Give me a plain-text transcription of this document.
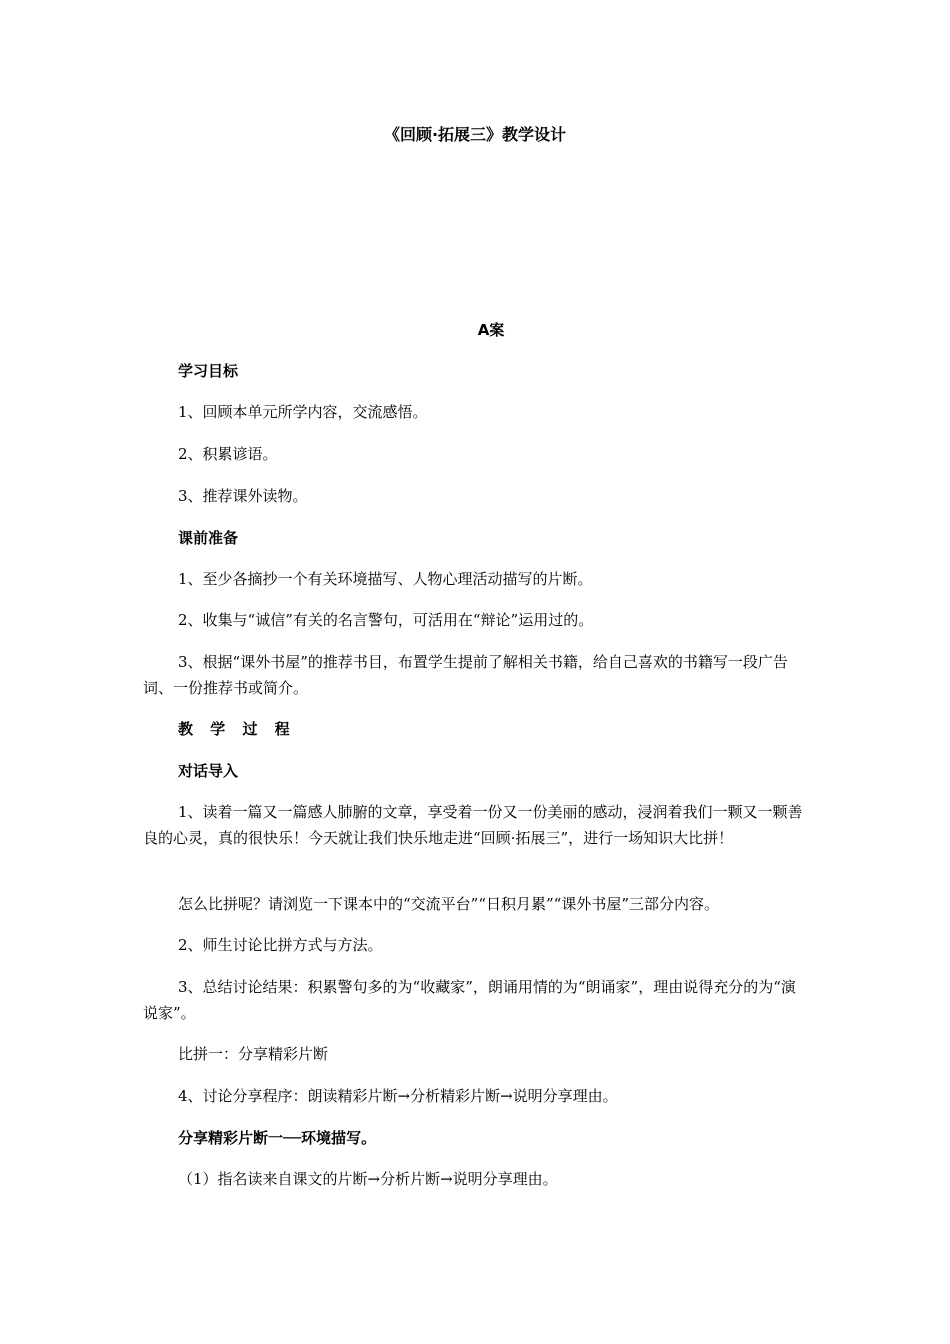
《回顾·拓展三》教学设计
A案

学习目标

1、回顾本单元所学内容，交流感悟。

2、积累谚语。

3、推荐课外读物。

课前准备

1、至少各摘抄一个有关环境描写、人物心理活动描写的片断。

2、收集与“诚信”有关的名言警句，可活用在“辩论”运用过的。

3、根据“课外书屋”的推荐书目，布置学生提前了解相关书籍，给自己喜欢的书籍写一段广告词、一份推荐书或简介。

教 学 过 程

对话导入

1、读着一篇又一篇感人肺腑的文章，享受着一份又一份美丽的感动，浸润着我们一颗又一颗善良的心灵，真的很快乐！今天就让我们快乐地走进“回顾·拓展三”，进行一场知识大比拼！

怎么比拼呢？请浏览一下课本中的“交流平台”“日积月累”“课外书屋”三部分内容。

2、师生讨论比拼方式与方法。

3、总结讨论结果：积累警句多的为“收藏家”，朗诵用情的为“朗诵家”，理由说得充分的为“演说家”。

比拼一：分享精彩片断

4、讨论分享程序：朗读精彩片断→分析精彩片断→说明分享理由。

分享精彩片断一──环境描写。

（1）指名读来自课文的片断→分析片断→说明分享理由。
